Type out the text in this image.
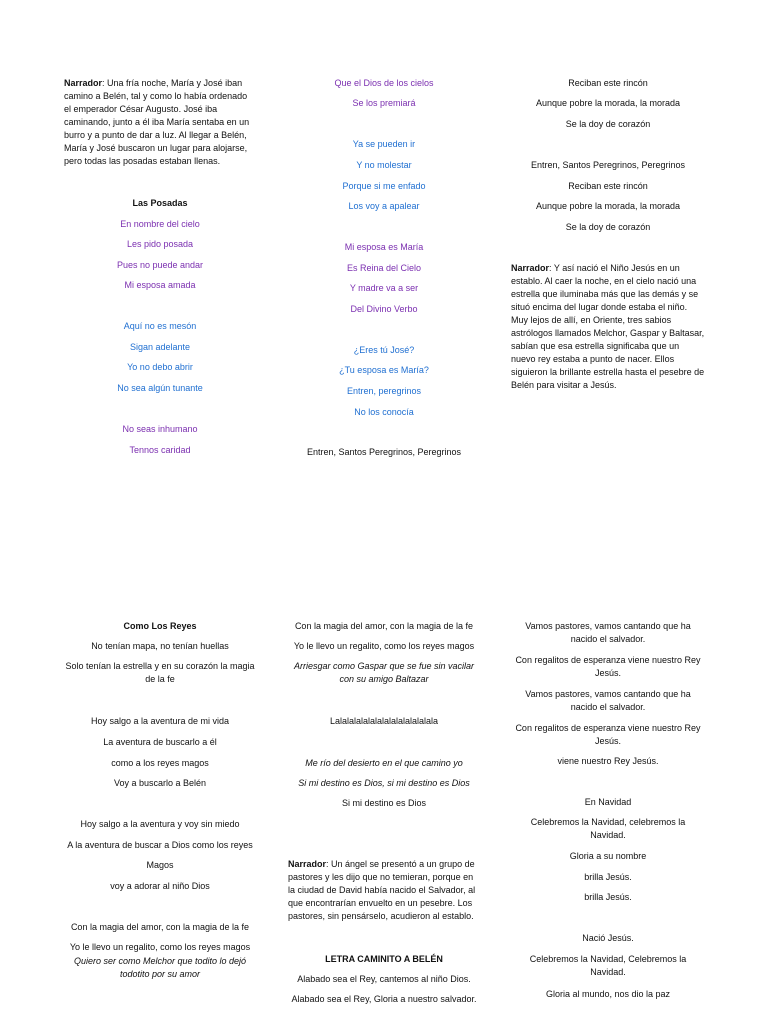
Narrador: Una fría noche, María y José iban camino a Belén, tal y como lo había ordenado el emperador César Augusto. José iba caminando, junto a él iba María sentaba en un burro y a punto de dar a luz. Al llegar a Belén, María y José buscaron un lugar para alojarse, pero todas las posadas estaban llenas.
Las Posadas
En nombre del cielo
Les pido posada
Pues no puede andar
Mi esposa amada
Aquí no es mesón
Sigan adelante
Yo no debo abrir
No sea algún tunante
No seas inhumano
Tennos caridad
Que el Dios de los cielos
Se los premiará
Ya se pueden ir
Y no molestar
Porque si me enfado
Los voy a apalear
Mi esposa es María
Es Reina del Cielo
Y madre va a ser
Del Divino Verbo
¿Eres tú José?
¿Tu esposa es María?
Entren, peregrinos
No los conocía
Entren, Santos Peregrinos, Peregrinos
Reciban este rincón
Aunque pobre la morada, la morada
Se la doy de corazón
Entren, Santos Peregrinos, Peregrinos
Reciban este rincón
Aunque pobre la morada, la morada
Se la doy de corazón
Narrador: Y así nació el Niño Jesús en un establo. Al caer la noche, en el cielo nació una estrella que iluminaba más que las demás y se situó encima del lugar donde estaba el niño. Muy lejos de allí, en Oriente, tres sabios astrólogos llamados Melchor, Gaspar y Baltasar, sabían que esa estrella significaba que un nuevo rey estaba a punto de nacer. Ellos siguieron la brillante estrella hasta el pesebre de Belén para visitar a Jesús.
Como Los Reyes
No tenían mapa, no tenían huellas
Solo tenían la estrella y en su corazón la magia de la fe
Hoy salgo a la aventura de mi vida
La aventura de buscarlo a él
como a los reyes magos
Voy a buscarlo a Belén
Hoy salgo a la aventura y voy sin miedo
A la aventura de buscar a Dios como los reyes
Magos
voy a adorar al niño Dios
Con la magia del amor, con la magia de la fe
Yo le llevo un regalito, como los reyes magos
Quiero ser como Melchor que todito lo dejó todotito por su amor
Con la magia del amor, con la magia de la fe
Yo le llevo un regalito, como los reyes magos
Arriesgar como Gaspar que se fue sin vacilar con su amigo Baltazar
Lalalalalalalalalalalalalalala
Me río del desierto en el que camino yo
Si mi destino es Dios, si mi destino es Dios
Si mi destino es Dios
Narrador: Un ángel se presentó a un grupo de pastores y les dijo que no temieran, porque en la ciudad de David había nacido el Salvador, al que encontrarían envuelto en un pesebre. Los pastores, sin pensárselo, acudieron al establo.
LETRA CAMINITO A BELÉN
Alabado sea el Rey, cantemos al niño Dios.
Alabado sea el Rey, Gloria a nuestro salvador.
Vamos pastores, vamos cantando que ha nacido el salvador.
Con regalitos de esperanza viene nuestro Rey Jesús.
Vamos pastores, vamos cantando que ha nacido el salvador.
Con regalitos de esperanza viene nuestro Rey Jesús.
viene nuestro Rey Jesús.
En Navidad
Celebremos la Navidad, celebremos la Navidad.
Gloria a su nombre
brilla Jesús.
brilla Jesús.
Nació Jesús.
Celebremos la Navidad, Celebremos la Navidad.
Gloria al mundo, nos dio la paz
